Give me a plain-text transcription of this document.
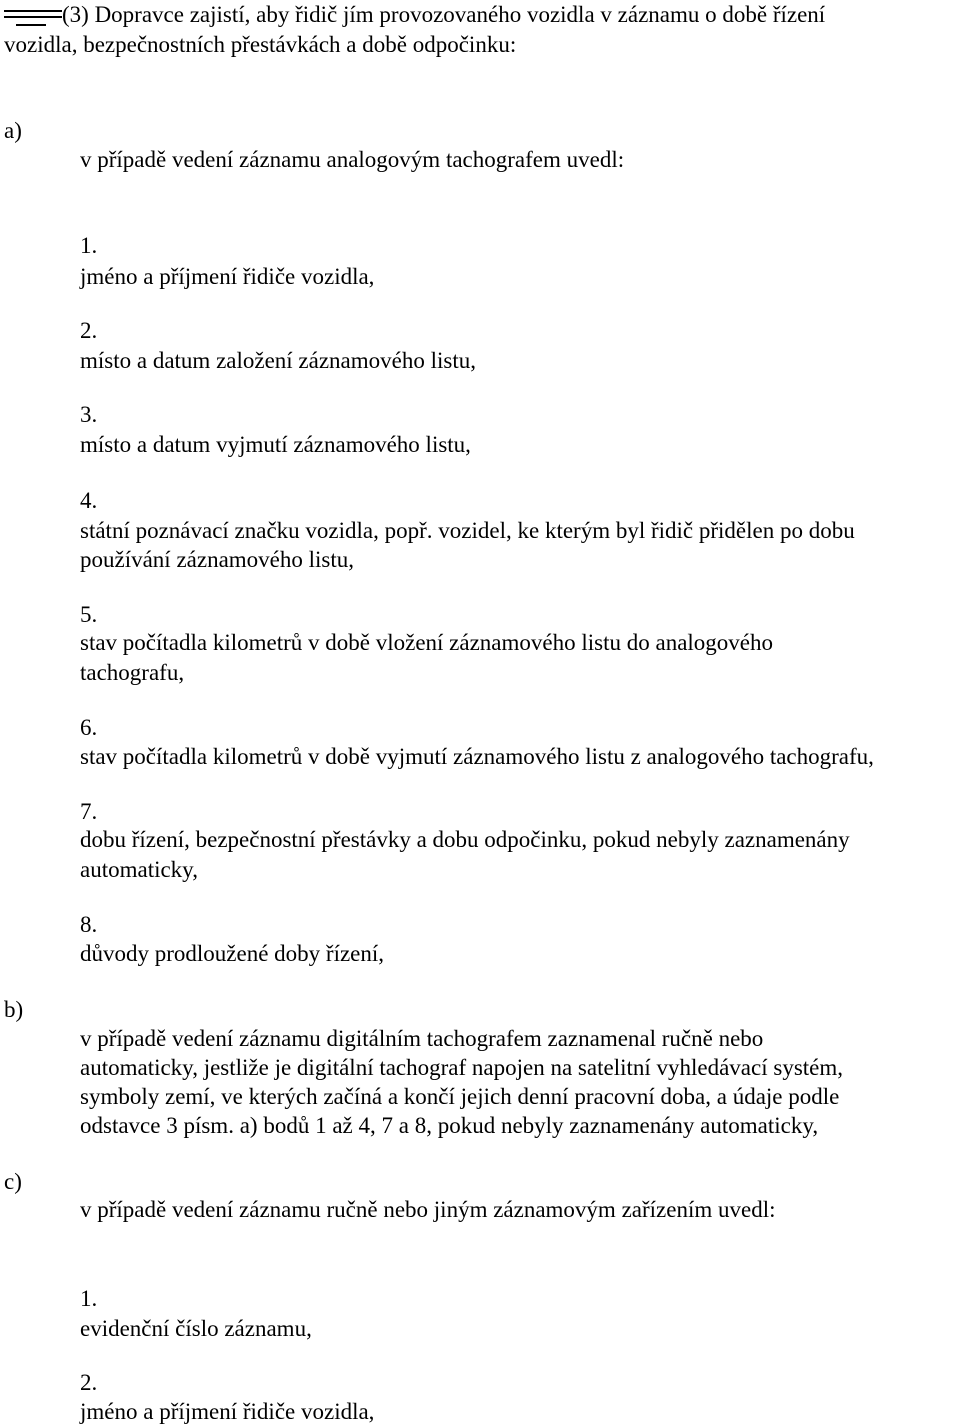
(3) Dopravce zajistí, aby řidič jím provozovaného vozidla v záznamu o době řízení
vozidla, bezpečnostních přestávkách a době odpočinku:
a)
v případě vedení záznamu analogovým tachografem uvedl:
1.
jméno a příjmení řidiče vozidla,
2.
místo a datum založení záznamového listu,
3.
místo a datum vyjmutí záznamového listu,
4.
státní poznávací značku vozidla, popř. vozidel, ke kterým byl řidič přidělen po dobu
používání záznamového listu,
5.
stav počítadla kilometrů v době vložení záznamového listu do analogového
tachografu,
6.
stav počítadla kilometrů v době vyjmutí záznamového listu z analogového tachografu,
7.
dobu řízení, bezpečnostní přestávky a dobu odpočinku, pokud nebyly zaznamenány
automaticky,
8.
důvody prodloužené doby řízení,
b)
v případě vedení záznamu digitálním tachografem zaznamenal ručně nebo
automaticky, jestliže je digitální tachograf napojen na satelitní vyhledávací systém,
symboly zemí, ve kterých začíná a končí jejich denní pracovní doba, a údaje podle
odstavce 3 písm. a) bodů 1 až 4, 7 a 8, pokud nebyly zaznamenány automaticky,
c)
v případě vedení záznamu ručně nebo jiným záznamovým zařízením uvedl:
1.
evidenční číslo záznamu,
2.
jméno a příjmení řidiče vozidla,
